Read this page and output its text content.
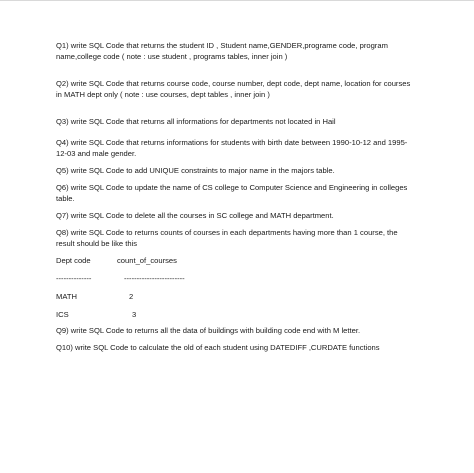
Q1) write SQL Code that returns the student ID , Student name,GENDER,programe code, program name,college code ( note : use student , programs tables, inner join )

Q2) write SQL Code that returns course code, course number, dept code, dept name, location for courses in MATH dept only ( note : use courses, dept tables , inner join )

Q3) write SQL Code that returns all informations for departments not located in Hail

Q4) write SQL Code that returns informations for students with birth date between 1990-10-12 and 1995-12-03 and male gender.

Q5) write SQL Code to add UNIQUE constraints to major name in the majors table.

Q6) write SQL Code to update the name of CS college to Computer Science and Engineering in colleges table.

Q7) write SQL Code to delete all the courses in SC college and MATH department.

Q8) write SQL Code to returns counts of courses in each departments having more than 1 course, the result should be like this

Dept code	count_of_courses
--------------	------------------------
MATH	2
ICS	3

Q9) write SQL Code to returns all the data of buildings with building code end with M letter.

Q10) write SQL Code to calculate the old of each student using DATEDIFF ,CURDATE functions
